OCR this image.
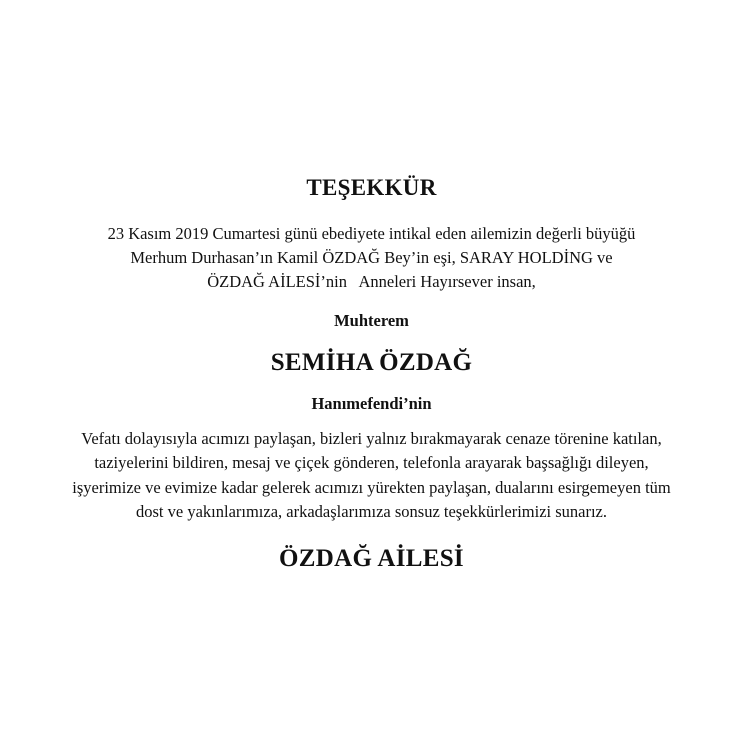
TEŞEKKÜR
23 Kasım 2019 Cumartesi günü ebediyete intikal eden ailemizin değerli büyüğü
Merhum Durhasan’ın Kamil ÖZDAĞ Bey’in eşi, SARAY HOLDİNG ve
ÖZDAĞ AİLESİ’nin   Anneleri Hayırsever insan,
Muhterem
SEMİHA ÖZDAĞ
Hanımefendi’nin
Vefatı dolayısıyla acımızı paylaşan, bizleri yalnız bırakmayarak cenaze törenine katılan,
taziyelerini bildiren, mesaj ve çiçek gönderen, telefonla arayarak başsağlığı dileyen,
işyerimize ve evimize kadar gelerek acımızı yürekten paylaşan, dualarını esirgemeyen tüm
dost ve yakınlarımıza, arkadaşlarımıza sonsuz teşekkürlerimizi sunarız.
ÖZDAĞ AİLESİ
